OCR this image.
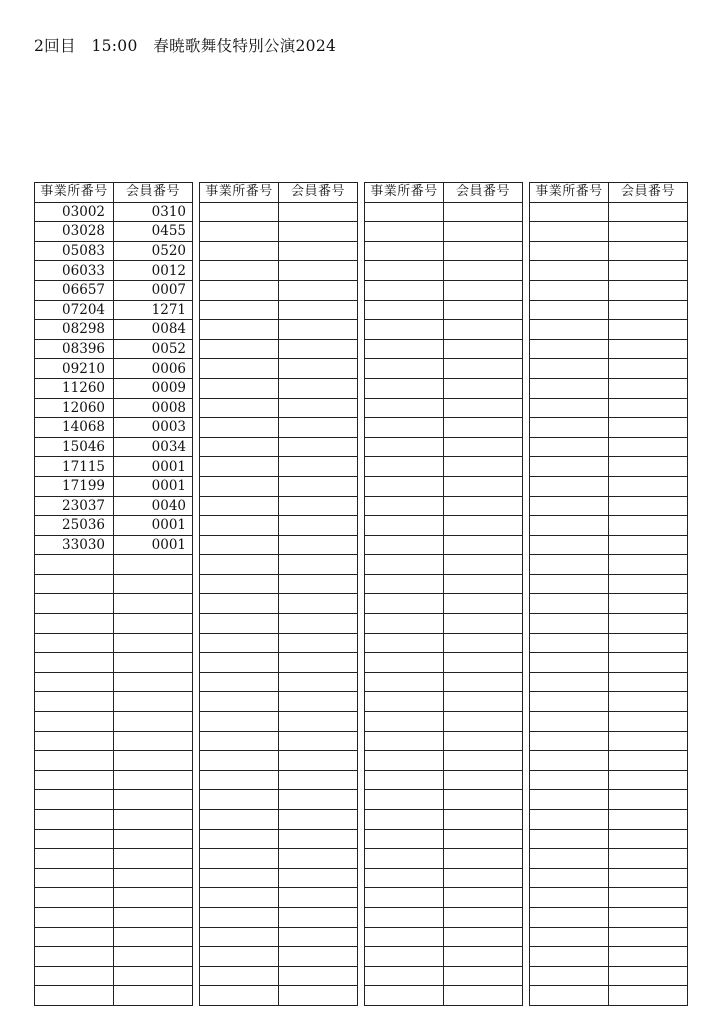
2回目 15:00 春暁歌舞伎特別公演2024
事業所番号	会員番号
03002	0310
03028	0455
05083	0520
06033	0012
06657	0007
07204	1271
08298	0084
08396	0052
09210	0006
11260	0009
12060	0008
14068	0003
15046	0034
17115	0001
17199	0001
23037	0040
25036	0001
33030	0001

事業所番号	会員番号

	事業所番号	会員番号

	事業所番号	会員番号
